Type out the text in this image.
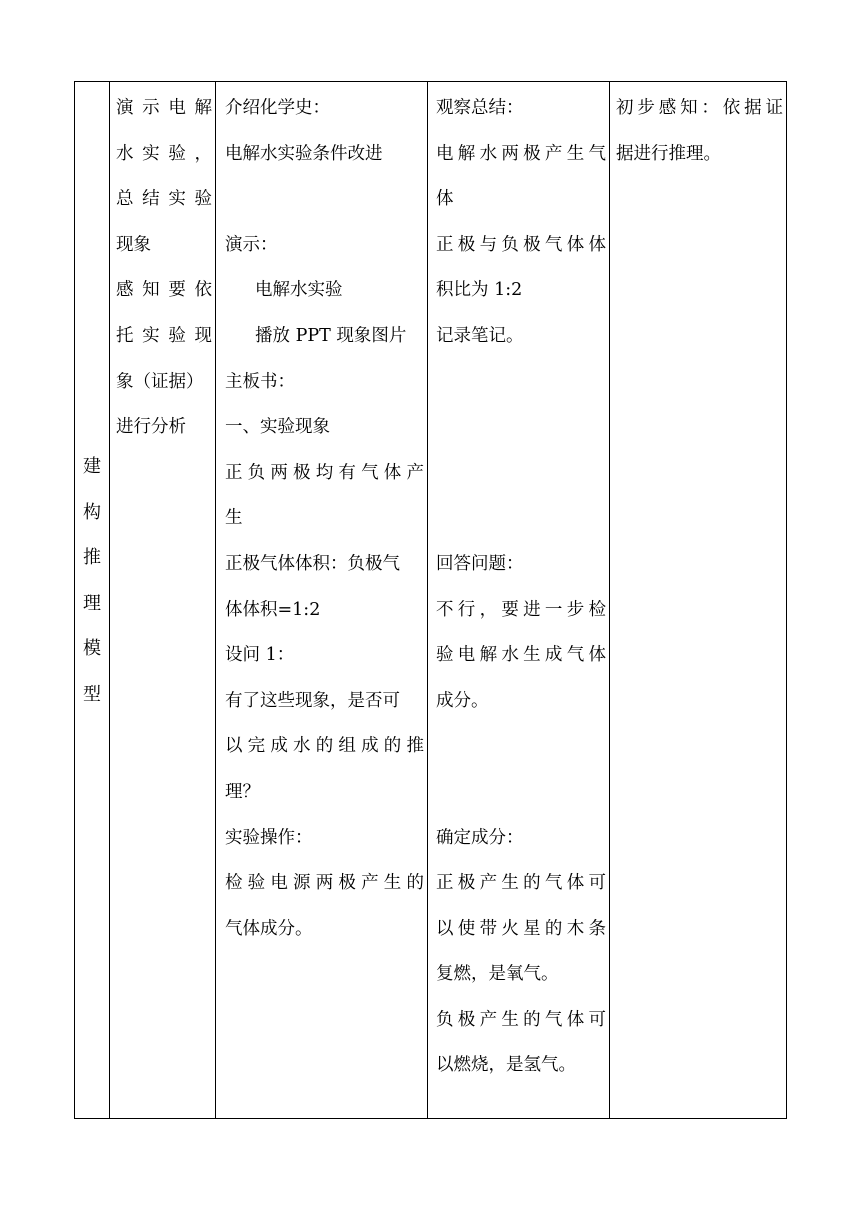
建
构
推
理
模
型

演示电解
水实验，
总结实验
现象
感知要依
托实验现
象（证据）
进行分析

介绍化学史：
电解水实验条件改进
演示：
电解水实验
播放 PPT 现象图片
主板书：
一、实验现象
正负两极均有气体产
生
正极气体体积：负极气
体体积=1:2
设问 1：
有了这些现象，是否可
以完成水的组成的推
理？
实验操作：
检验电源两极产生的
气体成分。

观察总结：
电解水两极产生气
体
正极与负极气体体
积比为 1:2
记录笔记。
回答问题：
不行，要进一步检
验电解水生成气体
成分。
确定成分：
正极产生的气体可
以使带火星的木条
复燃，是氧气。
负极产生的气体可
以燃烧，是氢气。

初步感知：依据证
据进行推理。
